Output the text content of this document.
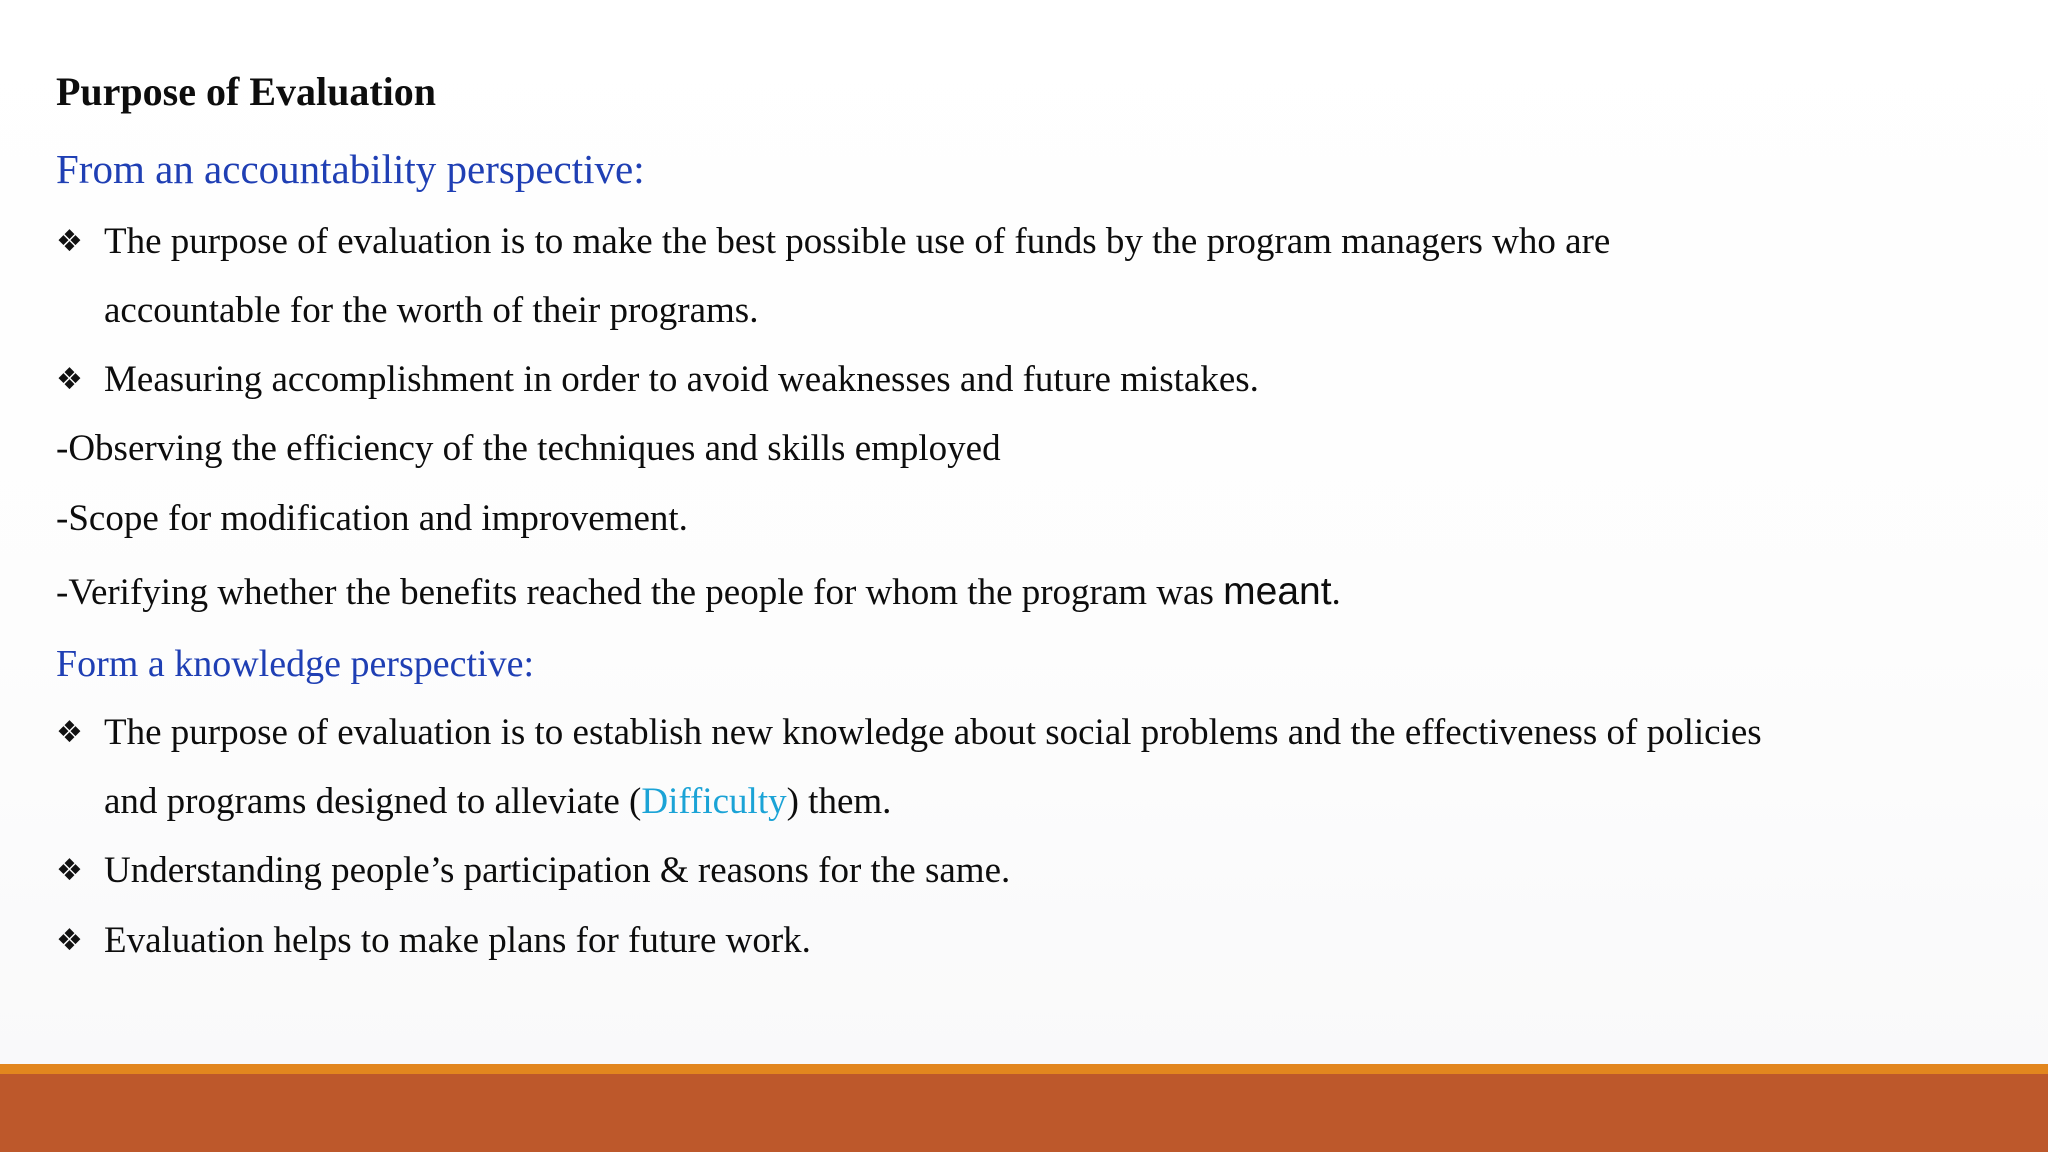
Purpose of Evaluation
From an accountability perspective:
❖ The purpose of evaluation is to make the best possible use of funds by the program managers who are
accountable for the worth of their programs.
❖ Measuring accomplishment in order to avoid weaknesses and future mistakes.
-Observing the efficiency of the techniques and skills employed
-Scope for modification and improvement.
-Verifying whether the benefits reached the people for whom the program was meant.
Form a knowledge perspective:
❖ The purpose of evaluation is to establish new knowledge about social problems and the effectiveness of policies
and programs designed to alleviate (Difficulty) them.
❖ Understanding people’s participation & reasons for the same.
❖ Evaluation helps to make plans for future work.
